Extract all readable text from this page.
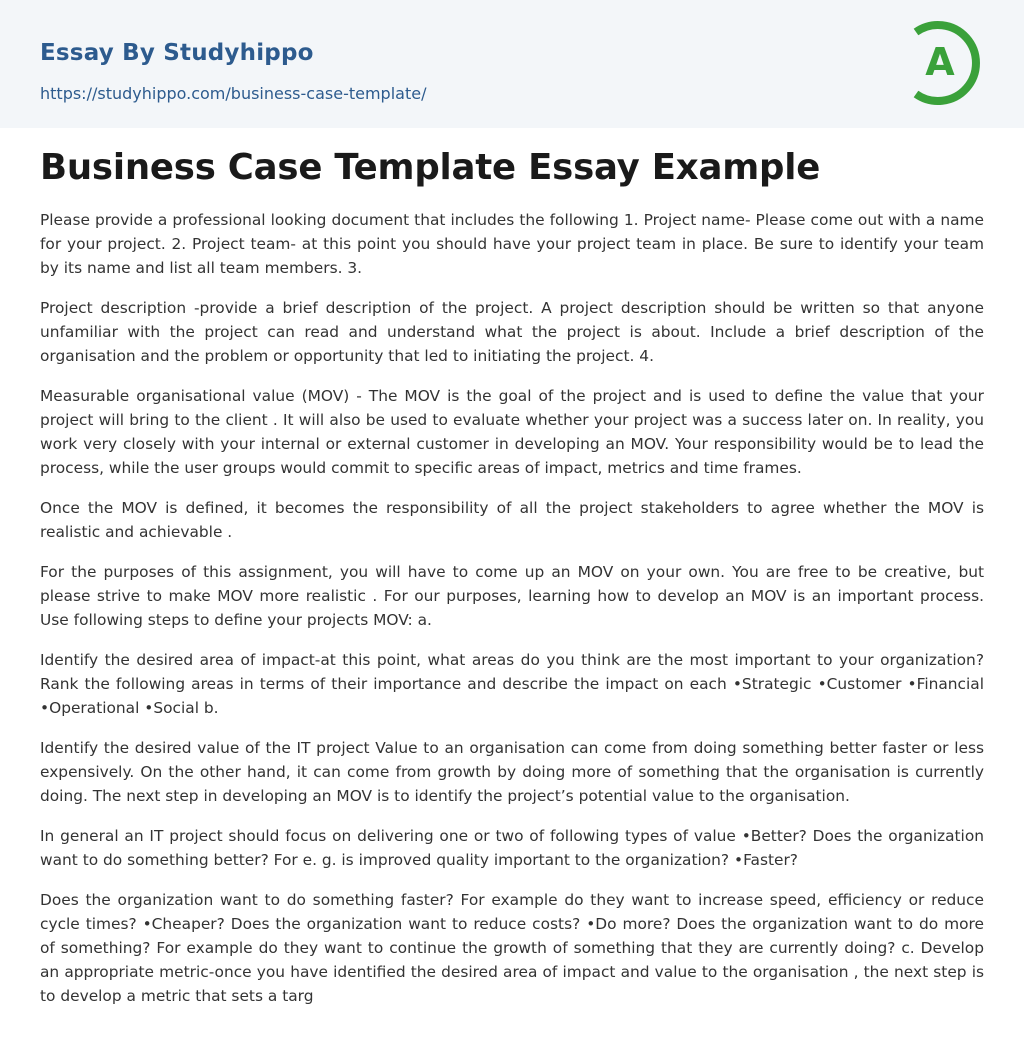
Essay By Studyhippo
https://studyhippo.com/business-case-template/
A
Business Case Template Essay Example

Please provide a professional looking document that includes the following 1. Project name- Please come out with a name for your project. 2. Project team- at this point you should have your project team in place. Be sure to identify your team by its name and list all team members. 3.

Project description -provide a brief description of the project. A project description should be written so that anyone unfamiliar with the project can read and understand what the project is about. Include a brief description of the organisation and the problem or opportunity that led to initiating the project. 4.

Measurable organisational value (MOV) - The MOV is the goal of the project and is used to define the value that your project will bring to the client . It will also be used to evaluate whether your project was a success later on. In reality, you work very closely with your internal or external customer in developing an MOV. Your responsibility would be to lead the process, while the user groups would commit to specific areas of impact, metrics and time frames.

Once the MOV is defined, it becomes the responsibility of all the project stakeholders to agree whether the MOV is realistic and achievable .

For the purposes of this assignment, you will have to come up an MOV on your own. You are free to be creative, but please strive to make MOV more realistic . For our purposes, learning how to develop an MOV is an important process. Use following steps to define your projects MOV: a.

Identify the desired area of impact-at this point, what areas do you think are the most important to your organization? Rank the following areas in terms of their importance and describe the impact on each •Strategic •Customer •Financial •Operational •Social b.

Identify the desired value of the IT project Value to an organisation can come from doing something better faster or less expensively. On the other hand, it can come from growth by doing more of something that the organisation is currently doing. The next step in developing an MOV is to identify the project’s potential value to the organisation.

In general an IT project should focus on delivering one or two of following types of value •Better? Does the organization want to do something better? For e. g. is improved quality important to the organization? •Faster?

Does the organization want to do something faster? For example do they want to increase speed, efficiency or reduce cycle times? •Cheaper? Does the organization want to reduce costs? •Do more? Does the organization want to do more of something? For example do they want to continue the growth of something that they are currently doing? c. Develop an appropriate metric-once you have identified the desired area of impact and value to the organisation , the next step is to develop a metric that sets a targ
